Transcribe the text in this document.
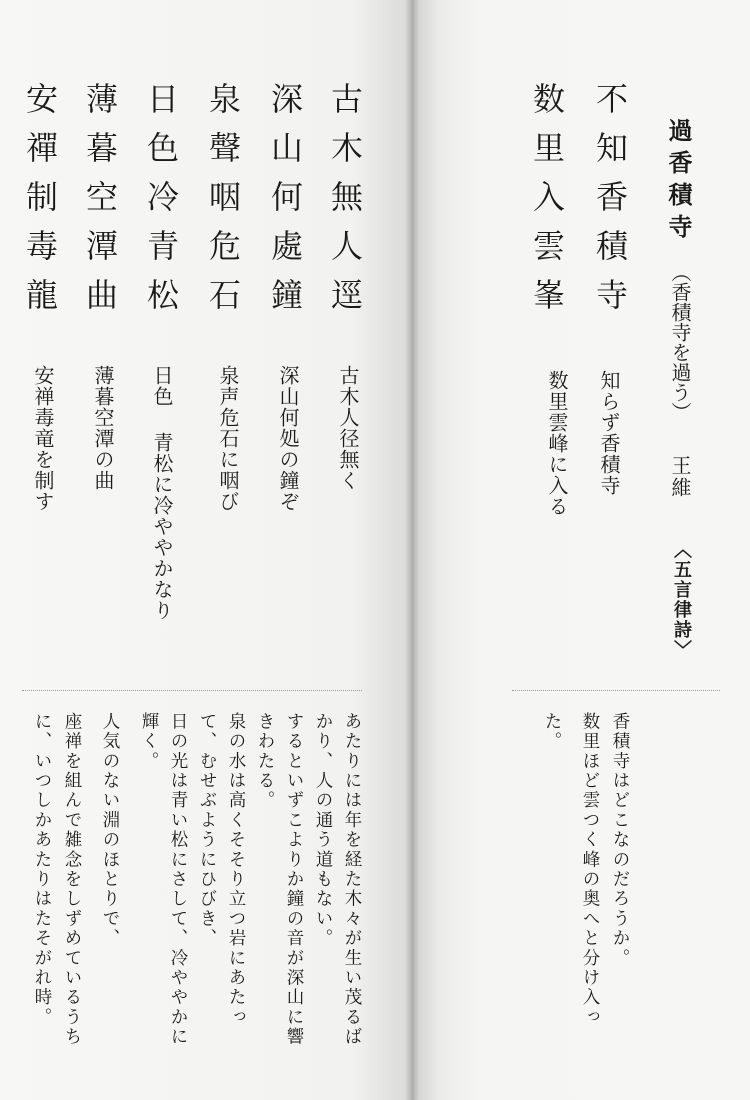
過香積寺
（香積寺を過う）
王維
〈五言律詩〉
不知香積寺
数里入雲峯
知らず香積寺
数里雲峰に入る
古木無人逕
深山何處鐘
泉聲咽危石
日色冷青松
薄暮空潭曲
安禪制毒龍
古木人径無く
深山何処の鐘ぞ
泉声危石に咽び
日色 青松に冷ややかなり
薄暮空潭の曲
安禅毒竜を制す
香積寺はどこなのだろうか。
数里ほど雲つく峰の奥へと分け入っ
た。
あたりには年を経た木々が生い茂るば
かり、人の通う道もない。
するといずこよりか鐘の音が深山に響
きわたる。
泉の水は高くそそり立つ岩にあたっ
て、むせぶようにひびき、
日の光は青い松にさして、冷ややかに
輝く。
人気のない淵のほとりで、
座禅を組んで雑念をしずめているうち
に、いつしかあたりはたそがれ時。
